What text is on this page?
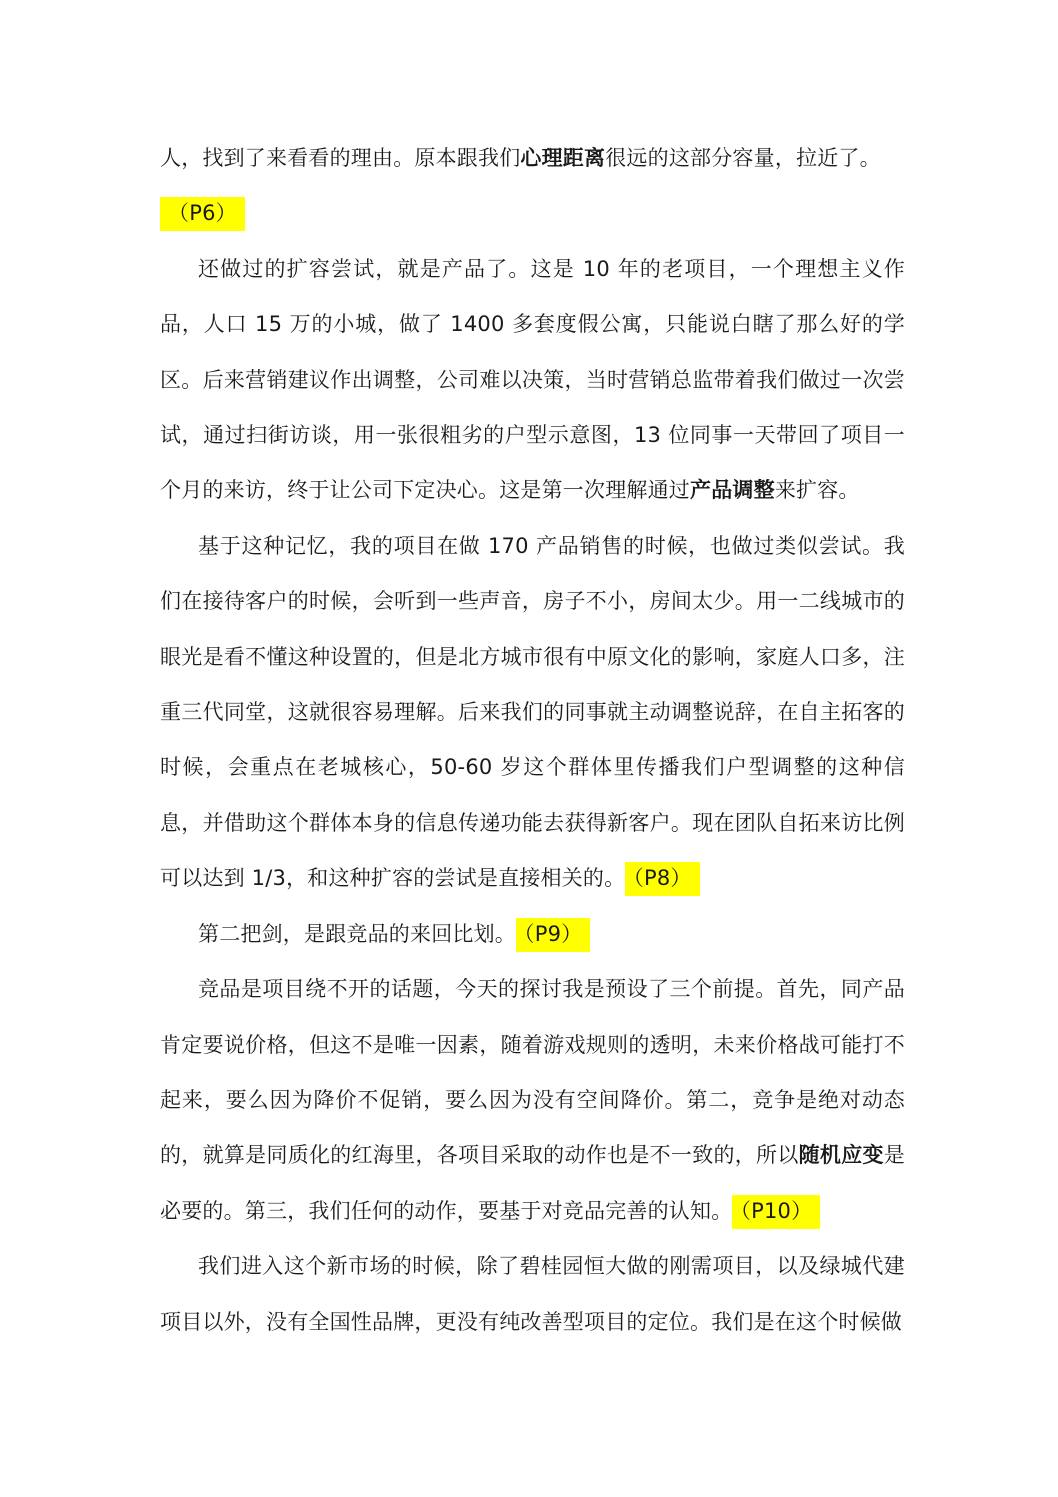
人，找到了来看看的理由。原本跟我们心理距离很远的这部分容量，拉近了。
（P6）

还做过的扩容尝试，就是产品了。这是 10 年的老项目，一个理想主义作品，人口 15 万的小城，做了 1400 多套度假公寓，只能说白瞎了那么好的学区。后来营销建议作出调整，公司难以决策，当时营销总监带着我们做过一次尝试，通过扫街访谈，用一张很粗劣的户型示意图，13 位同事一天带回了项目一个月的来访，终于让公司下定决心。这是第一次理解通过产品调整来扩容。

基于这种记忆，我的项目在做 170 产品销售的时候，也做过类似尝试。我们在接待客户的时候，会听到一些声音，房子不小，房间太少。用一二线城市的眼光是看不懂这种设置的，但是北方城市很有中原文化的影响，家庭人口多，注重三代同堂，这就很容易理解。后来我们的同事就主动调整说辞，在自主拓客的时候，会重点在老城核心，50-60 岁这个群体里传播我们户型调整的这种信息，并借助这个群体本身的信息传递功能去获得新客户。现在团队自拓来访比例可以达到 1/3，和这种扩容的尝试是直接相关的。 （P8）

第二把剑，是跟竞品的来回比划。 （P9）

竞品是项目绕不开的话题，今天的探讨我是预设了三个前提。首先，同产品肯定要说价格，但这不是唯一因素，随着游戏规则的透明，未来价格战可能打不起来，要么因为降价不促销，要么因为没有空间降价。第二，竞争是绝对动态的，就算是同质化的红海里，各项目采取的动作也是不一致的，所以随机应变是必要的。第三，我们任何的动作，要基于对竞品完善的认知。 （P10）

我们进入这个新市场的时候，除了碧桂园恒大做的刚需项目，以及绿城代建项目以外，没有全国性品牌，更没有纯改善型项目的定位。我们是在这个时候做
